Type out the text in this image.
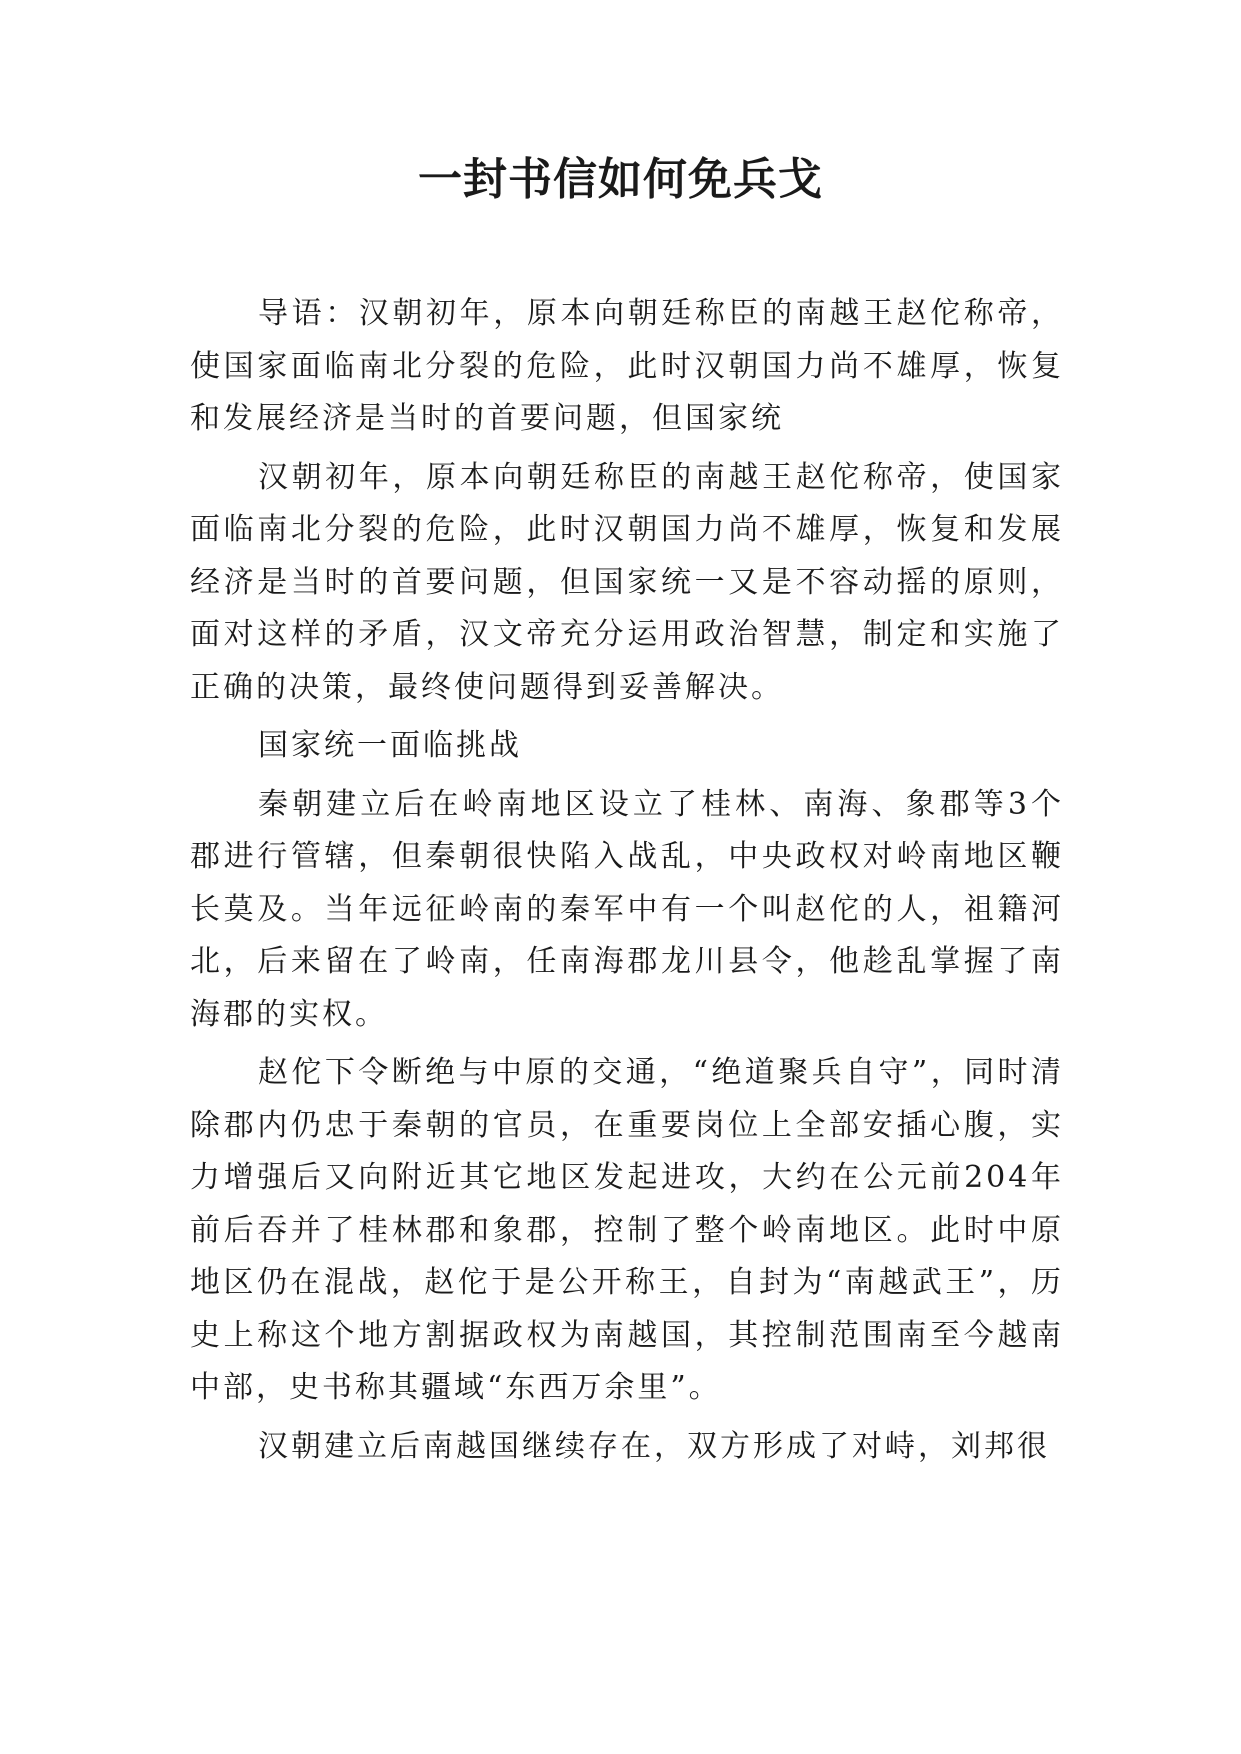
一封书信如何免兵戈

导语：汉朝初年，原本向朝廷称臣的南越王赵佗称帝，使国家面临南北分裂的危险，此时汉朝国力尚不雄厚，恢复和发展经济是当时的首要问题，但国家统

汉朝初年，原本向朝廷称臣的南越王赵佗称帝，使国家面临南北分裂的危险，此时汉朝国力尚不雄厚，恢复和发展经济是当时的首要问题，但国家统一又是不容动摇的原则，面对这样的矛盾，汉文帝充分运用政治智慧，制定和实施了正确的决策，最终使问题得到妥善解决。

国家统一面临挑战

秦朝建立后在岭南地区设立了桂林、南海、象郡等3个郡进行管辖，但秦朝很快陷入战乱，中央政权对岭南地区鞭长莫及。当年远征岭南的秦军中有一个叫赵佗的人，祖籍河北，后来留在了岭南，任南海郡龙川县令，他趁乱掌握了南海郡的实权。

赵佗下令断绝与中原的交通，“绝道聚兵自守”，同时清除郡内仍忠于秦朝的官员，在重要岗位上全部安插心腹，实力增强后又向附近其它地区发起进攻，大约在公元前204年前后吞并了桂林郡和象郡，控制了整个岭南地区。此时中原地区仍在混战，赵佗于是公开称王，自封为“南越武王”，历史上称这个地方割据政权为南越国，其控制范围南至今越南中部，史书称其疆域“东西万余里”。

汉朝建立后南越国继续存在，双方形成了对峙，刘邦很
